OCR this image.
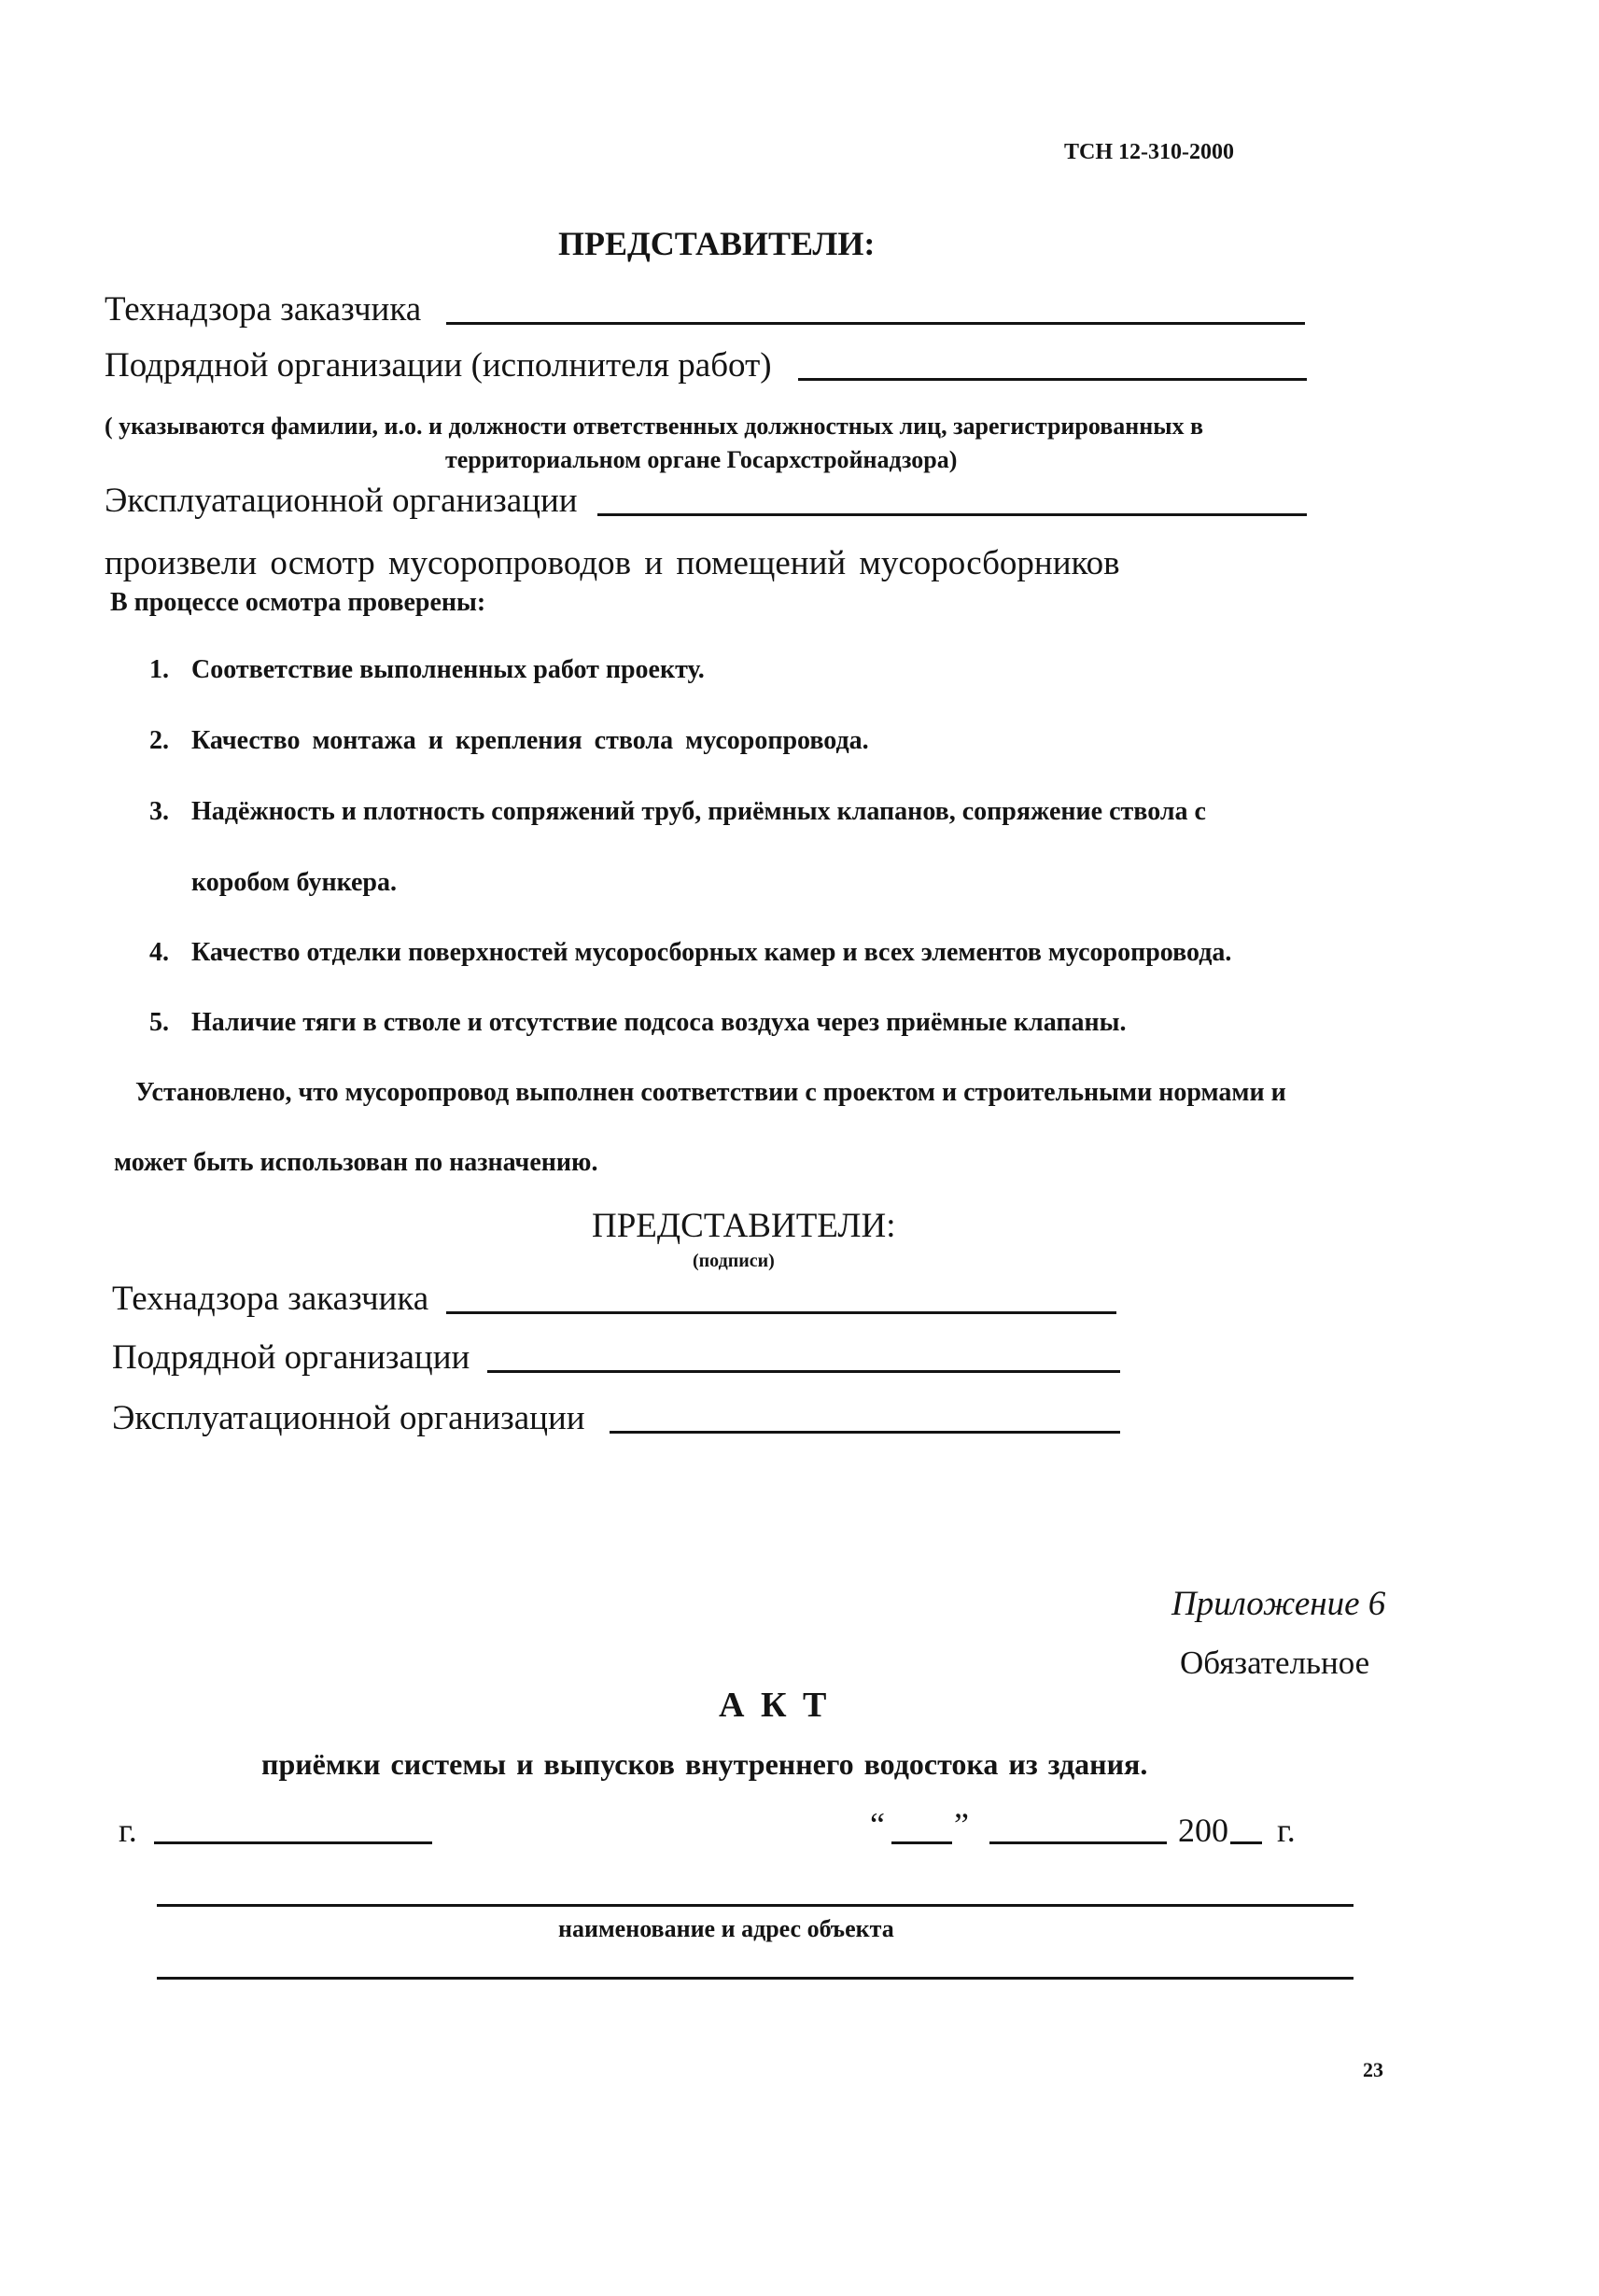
ТСН 12-310-2000
ПРЕДСТАВИТЕЛИ:
Технадзора заказчика
Подрядной организации (исполнителя работ)
( указываются фамилии, и.о. и должности ответственных должностных лиц, зарегистрированных в
территориальном органе Госархстройнадзора)
Эксплуатационной организации
произвели осмотр мусоропроводов и помещений мусоросборников
В процессе осмотра проверены:
1. Соответствие выполненных работ проекту.
2. Качество монтажа и крепления ствола мусоропровода.
3. Надёжность и плотность сопряжений труб, приёмных клапанов, сопряжение ствола с
коробом бункера.
4. Качество отделки поверхностей мусоросборных камер и всех элементов мусоропровода.
5. Наличие тяги в стволе и отсутствие подсоса воздуха через приёмные клапаны.
Установлено, что мусоропровод выполнен соответствии с проектом и строительными нормами и
может быть использован по назначению.
ПРЕДСТАВИТЕЛИ:
(подписи)
Технадзора заказчика
Подрядной организации
Эксплуатационной организации
Приложение 6
Обязательное
А К Т
приёмки системы и выпусков внутреннего водостока из здания.
г.	“ ”	200 г.
наименование и адрес объекта
23
